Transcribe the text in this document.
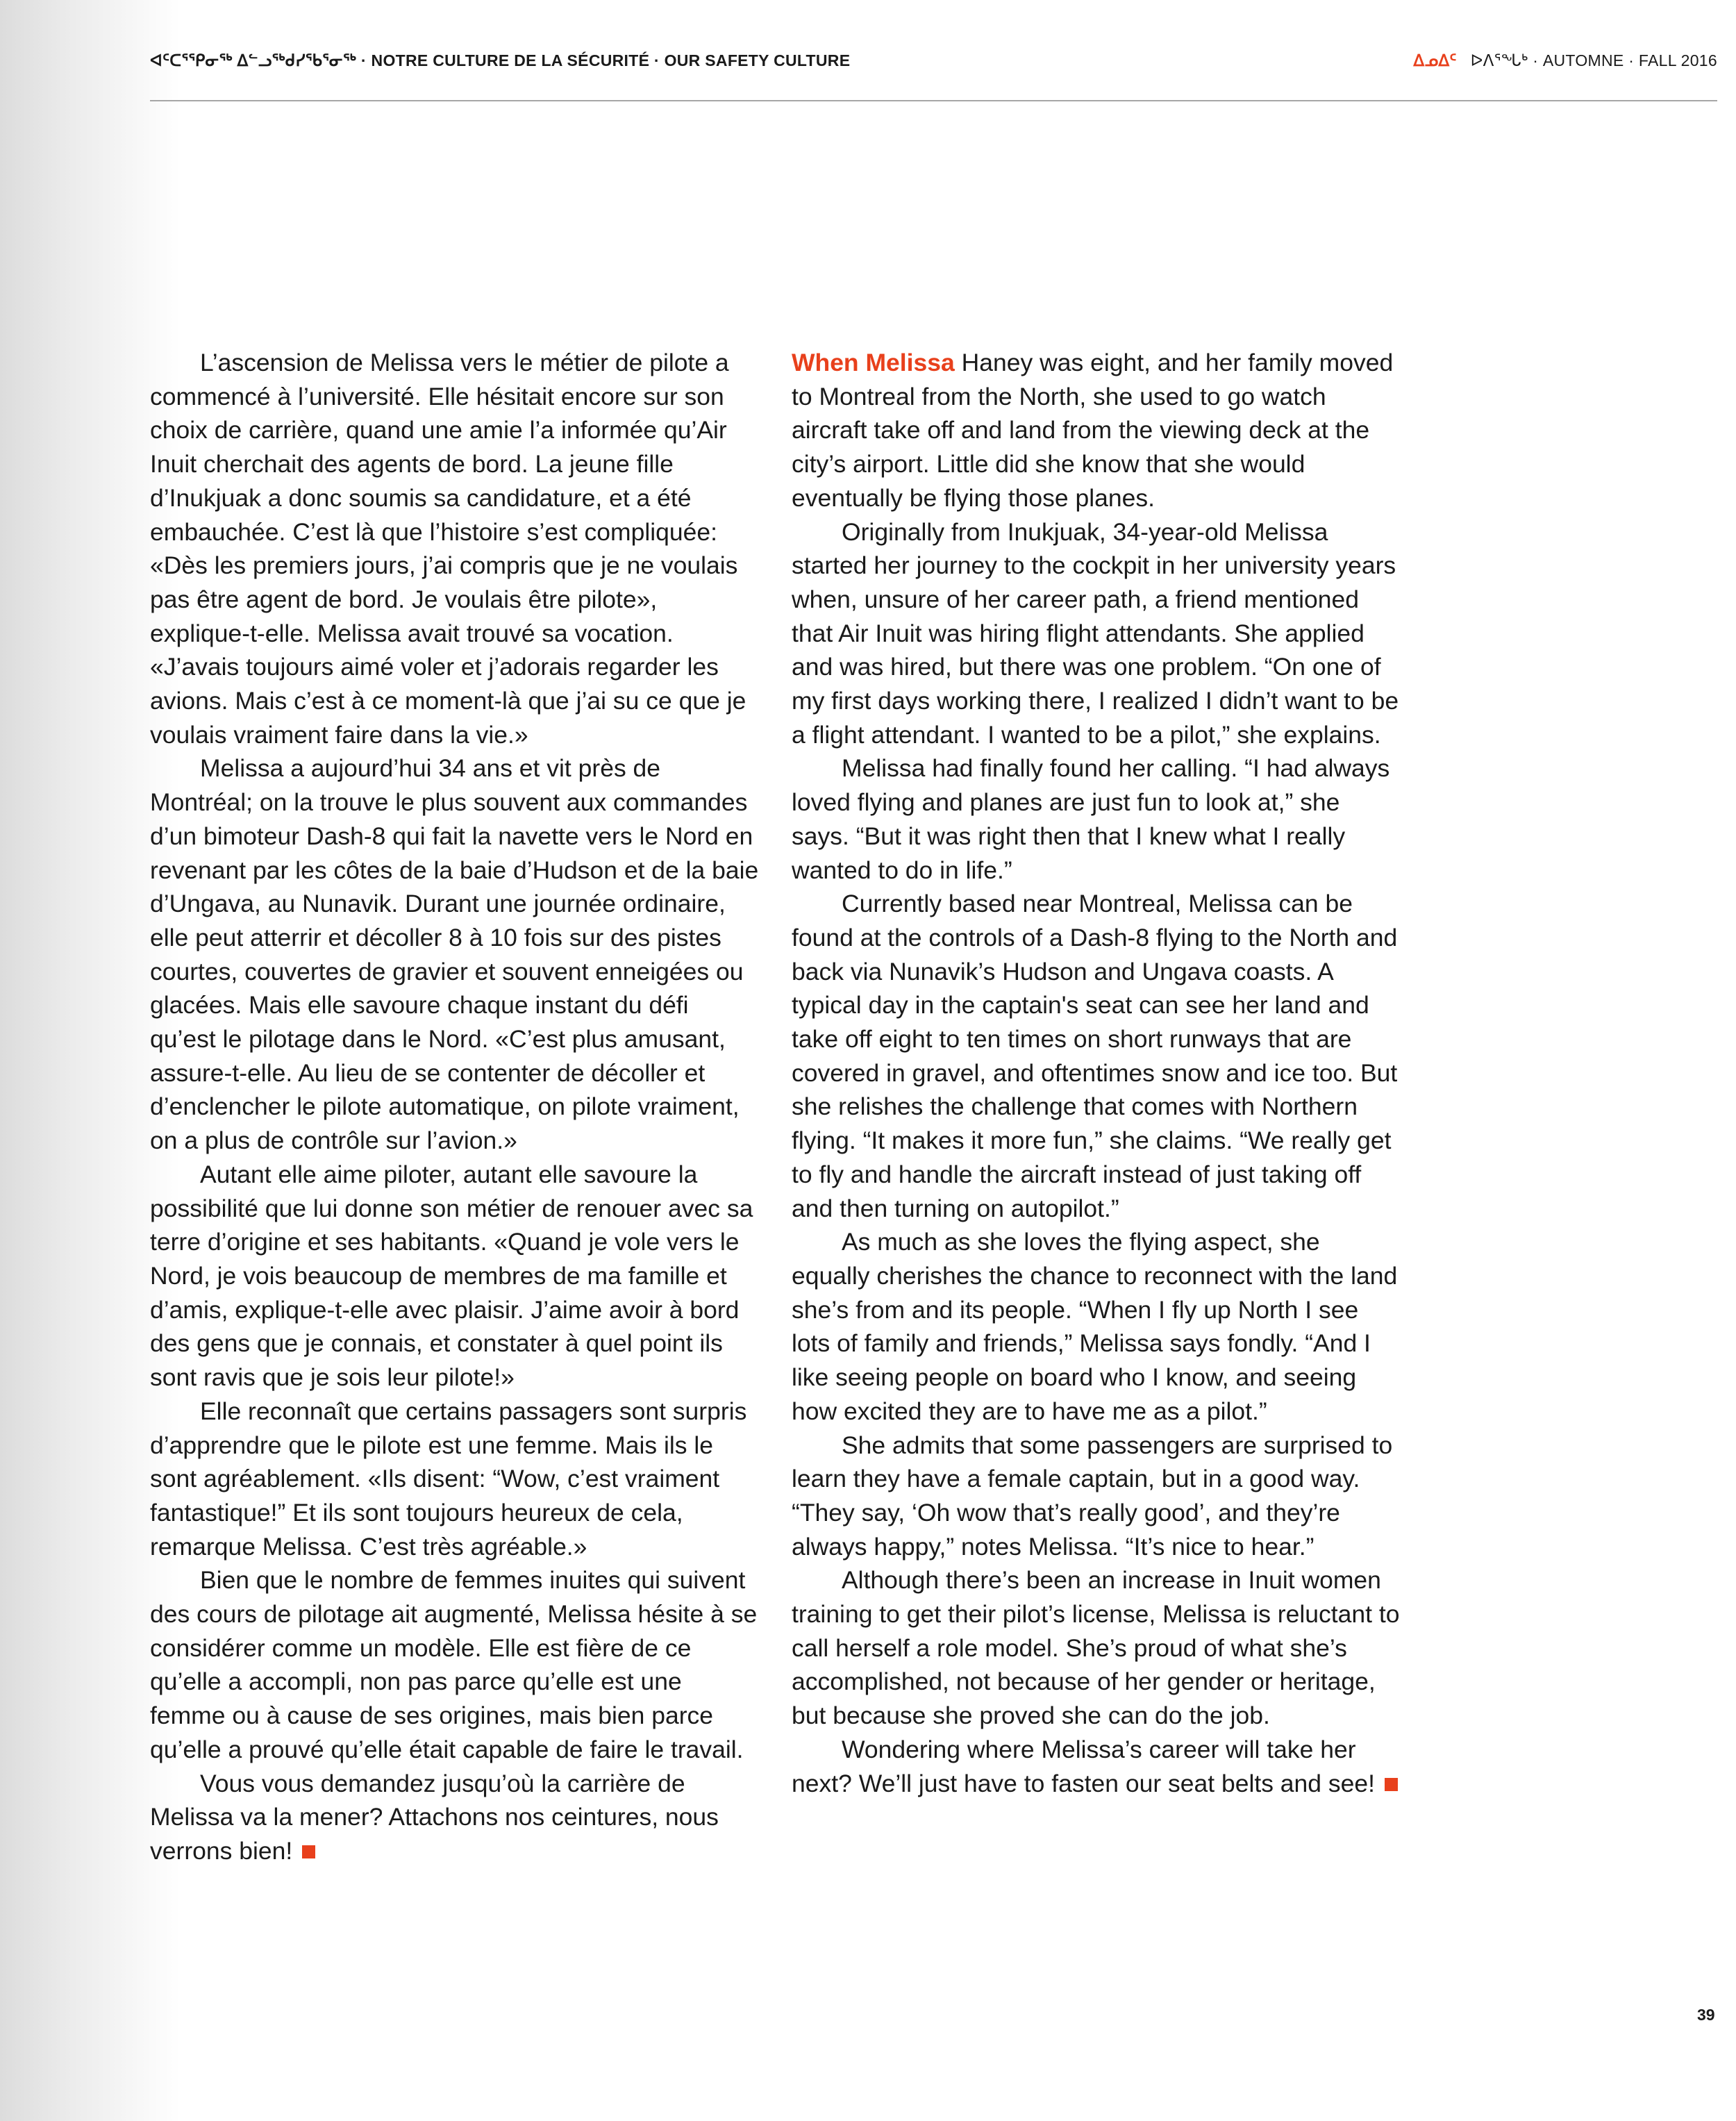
ᐊᑦᑕᕐᕿᓂᖅ ᐃᓪᓗᖅᑯᓯᖃᕐᓂᖅ · NOTRE CULTURE DE LA SÉCURITÉ · OUR SAFETY CULTURE	ᐃᓄᐃᑦ ᐅᐱᕐᖓᒃ · AUTOMNE · FALL 2016

L’ascension de Melissa vers le métier de pilote a commencé à l’université. Elle hésitait encore sur son choix de carrière, quand une amie l’a informée qu’Air Inuit cherchait des agents de bord. La jeune fille d’Inukjuak a donc soumis sa candidature, et a été embauchée. C’est là que l’histoire s’est compliquée: «Dès les premiers jours, j’ai compris que je ne voulais pas être agent de bord. Je voulais être pilote», explique-t-elle. Melissa avait trouvé sa vocation. «J’avais toujours aimé voler et j’adorais regarder les avions. Mais c’est à ce moment-là que j’ai su ce que je voulais vraiment faire dans la vie.»

Melissa a aujourd’hui 34 ans et vit près de Montréal; on la trouve le plus souvent aux commandes d’un bimoteur Dash-8 qui fait la navette vers le Nord en revenant par les côtes de la baie d’Hudson et de la baie d’Ungava, au Nunavik. Durant une journée ordinaire, elle peut atterrir et décoller 8 à 10 fois sur des pistes courtes, couvertes de gravier et souvent enneigées ou glacées. Mais elle savoure chaque instant du défi qu’est le pilotage dans le Nord. «C’est plus amusant, assure-t-elle. Au lieu de se contenter de décoller et d’enclencher le pilote automatique, on pilote vraiment, on a plus de contrôle sur l’avion.»

Autant elle aime piloter, autant elle savoure la possibilité que lui donne son métier de renouer avec sa terre d’origine et ses habitants. «Quand je vole vers le Nord, je vois beaucoup de membres de ma famille et d’amis, explique-t-elle avec plaisir. J’aime avoir à bord des gens que je connais, et constater à quel point ils sont ravis que je sois leur pilote!»

Elle reconnaît que certains passagers sont surpris d’apprendre que le pilote est une femme. Mais ils le sont agréablement. «Ils disent: “Wow, c’est vraiment fantastique!” Et ils sont toujours heureux de cela, remarque Melissa. C’est très agréable.»

Bien que le nombre de femmes inuites qui suivent des cours de pilotage ait augmenté, Melissa hésite à se considérer comme un modèle. Elle est fière de ce qu’elle a accompli, non pas parce qu’elle est une femme ou à cause de ses origines, mais bien parce qu’elle a prouvé qu’elle était capable de faire le travail.

Vous vous demandez jusqu’où la carrière de Melissa va la mener? Attachons nos ceintures, nous verrons bien!

When Melissa Haney was eight, and her family moved to Montreal from the North, she used to go watch aircraft take off and land from the viewing deck at the city’s airport. Little did she know that she would eventually be flying those planes.

Originally from Inukjuak, 34-year-old Melissa started her journey to the cockpit in her university years when, unsure of her career path, a friend mentioned that Air Inuit was hiring flight attendants. She applied and was hired, but there was one problem. “On one of my first days working there, I realized I didn’t want to be a flight attendant. I wanted to be a pilot,” she explains.

Melissa had finally found her calling. “I had always loved flying and planes are just fun to look at,” she says. “But it was right then that I knew what I really wanted to do in life.”

Currently based near Montreal, Melissa can be found at the controls of a Dash-8 flying to the North and back via Nunavik’s Hudson and Ungava coasts. A typical day in the captain's seat can see her land and take off eight to ten times on short runways that are covered in gravel, and oftentimes snow and ice too. But she relishes the challenge that comes with Northern flying. “It makes it more fun,” she claims. “We really get to fly and handle the aircraft instead of just taking off and then turning on autopilot.”

As much as she loves the flying aspect, she equally cherishes the chance to reconnect with the land she’s from and its people. “When I fly up North I see lots of family and friends,” Melissa says fondly. “And I like seeing people on board who I know, and seeing how excited they are to have me as a pilot.”

She admits that some passengers are surprised to learn they have a female captain, but in a good way. “They say, ‘Oh wow that’s really good’, and they’re always happy,” notes Melissa. “It’s nice to hear.”

Although there’s been an increase in Inuit women training to get their pilot’s license, Melissa is reluctant to call herself a role model. She’s proud of what she’s accomplished, not because of her gender or heritage, but because she proved she can do the job.

Wondering where Melissa’s career will take her next? We’ll just have to fasten our seat belts and see!

39
